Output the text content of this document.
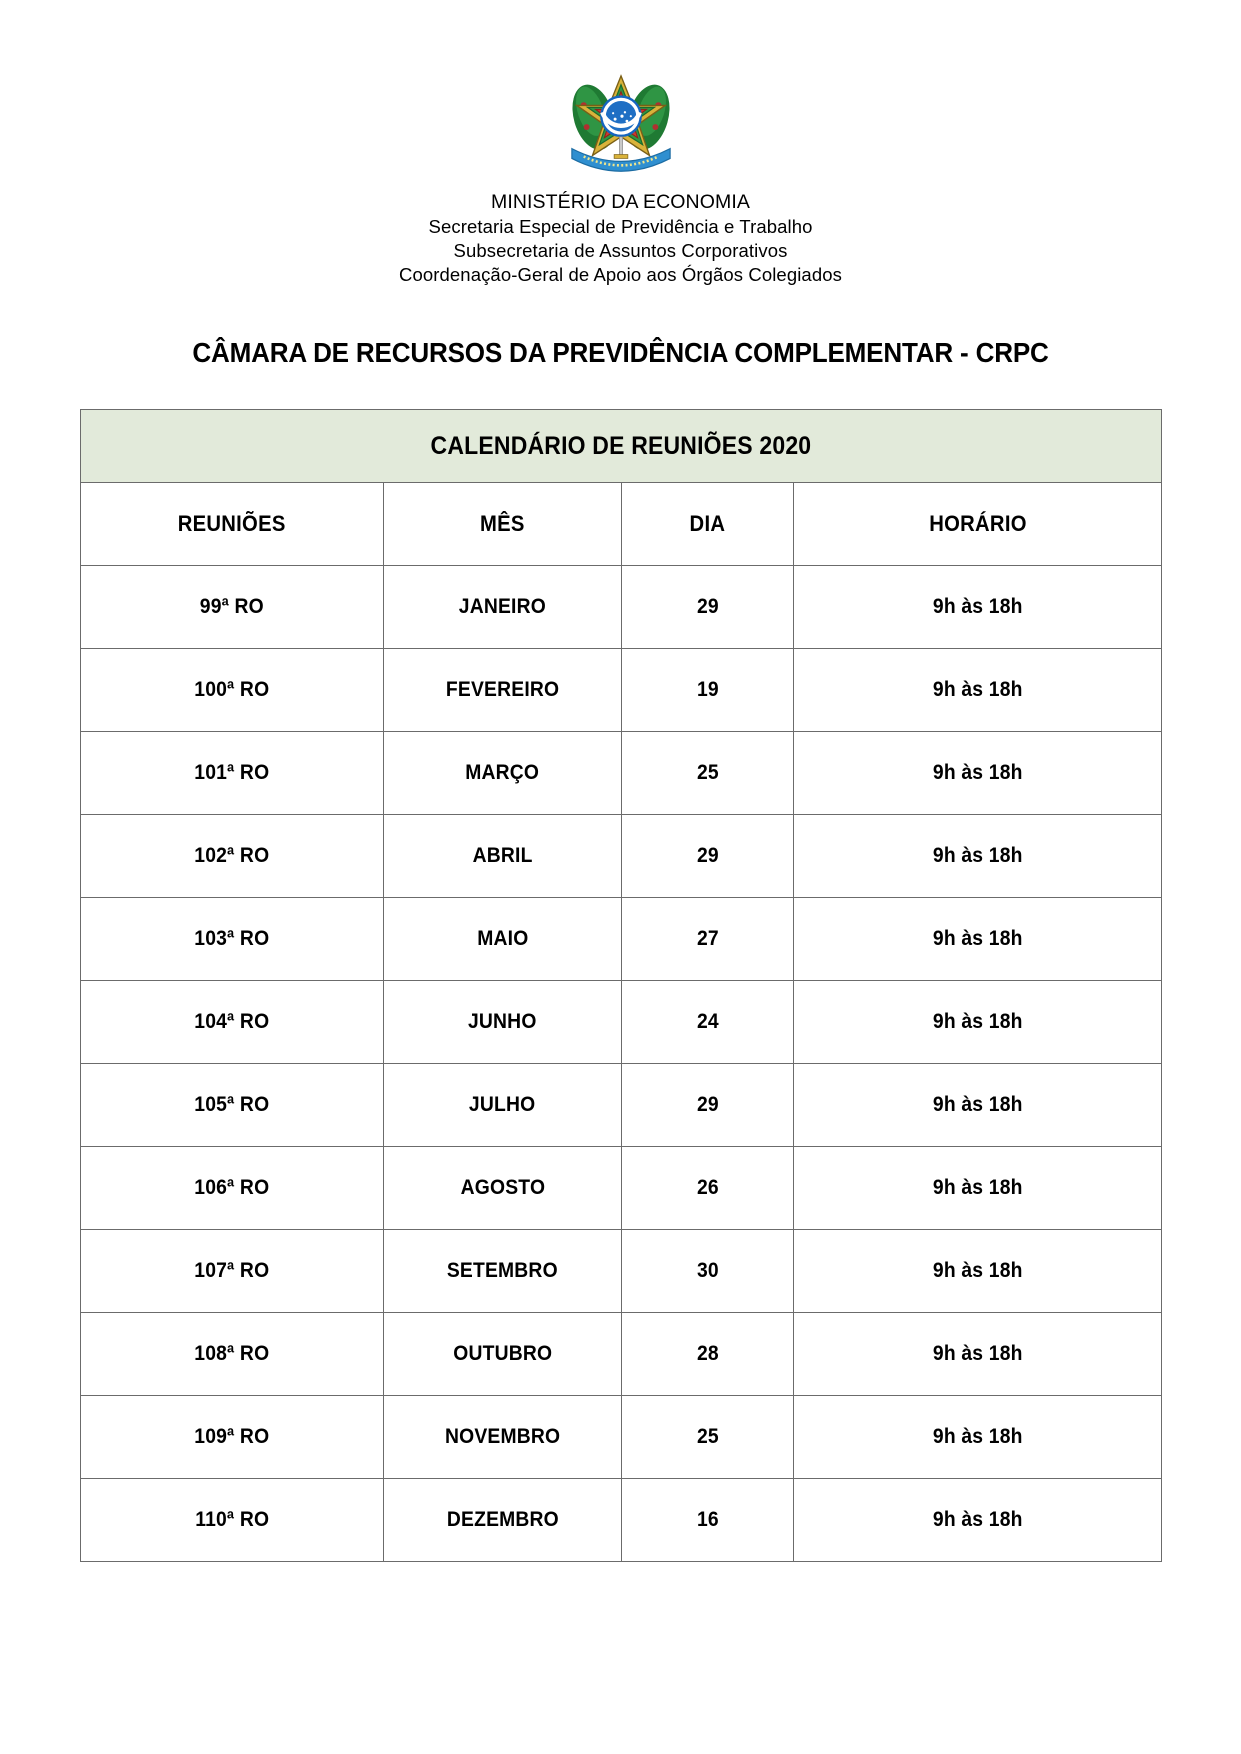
MINISTÉRIO DA ECONOMIA
Secretaria Especial de Previdência e Trabalho
Subsecretaria de Assuntos Corporativos
Coordenação-Geral de Apoio aos Órgãos Colegiados
CÂMARA DE RECURSOS DA PREVIDÊNCIA COMPLEMENTAR - CRPC
CALENDÁRIO DE REUNIÕES 2020			
REUNIÕES	MÊS	DIA	HORÁRIO
99ª RO	JANEIRO	29	9h às 18h
100ª RO	FEVEREIRO	19	9h às 18h
101ª RO	MARÇO	25	9h às 18h
102ª RO	ABRIL	29	9h às 18h
103ª RO	MAIO	27	9h às 18h
104ª RO	JUNHO	24	9h às 18h
105ª RO	JULHO	29	9h às 18h
106ª RO	AGOSTO	26	9h às 18h
107ª RO	SETEMBRO	30	9h às 18h
108ª RO	OUTUBRO	28	9h às 18h
109ª RO	NOVEMBRO	25	9h às 18h
110ª RO	DEZEMBRO	16	9h às 18h
